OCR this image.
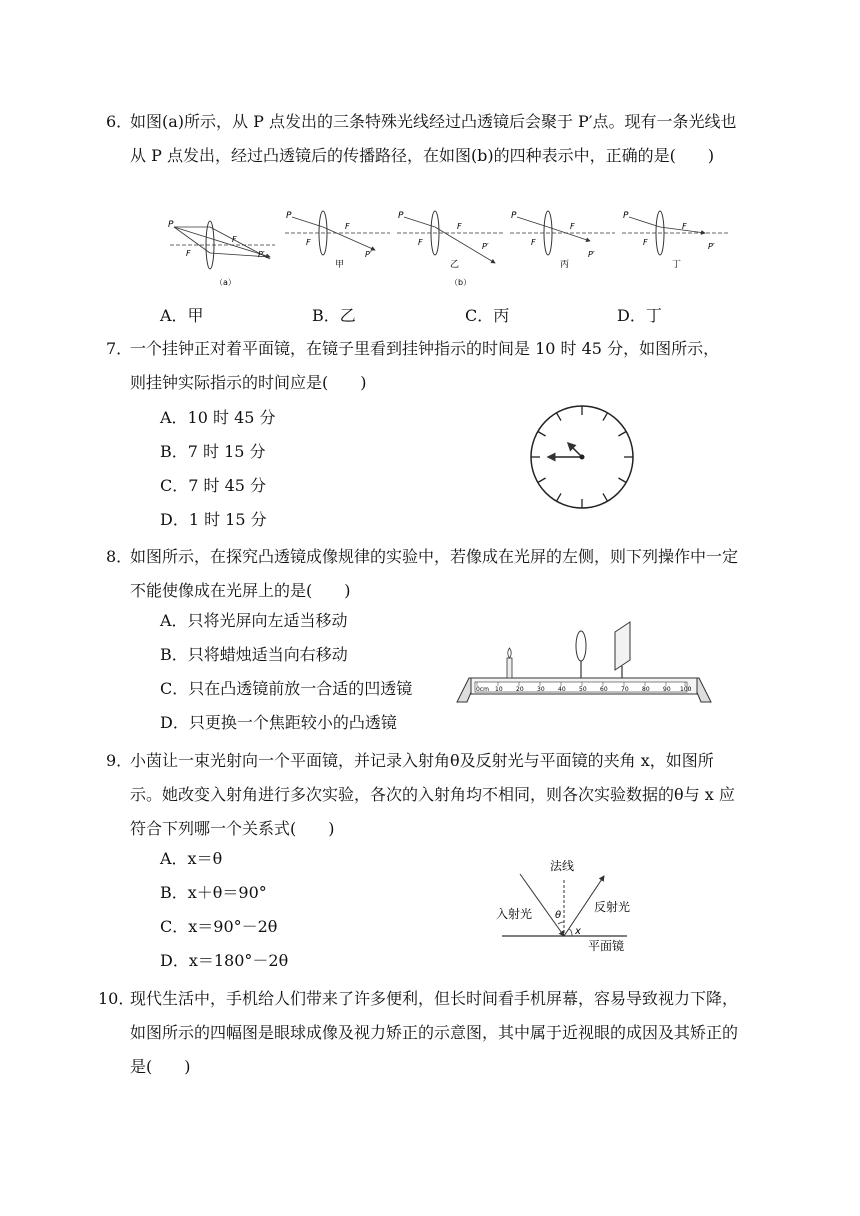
6．
如图(a)所示，从 P 点发出的三条特殊光线经过凸透镜后会聚于 P′点。现有一条光线也从 P 点发出，经过凸透镜后的传播路径，在如图(b)的四种表示中，正确的是(　　)
P
F
F
P′
（a）
P
F
F
P′
甲
P
F
F
P′
乙
（b）
P
F
F
P′
丙
P
F
F
P′
丁
A．甲	B．乙	C．丙	D．丁
7．
一个挂钟正对着平面镜，在镜子里看到挂钟指示的时间是 10 时 45 分，如图所示，则挂钟实际指示的时间应是(　　)
A．10 时 45 分
B．7 时 15 分
C．7 时 45 分
D．1 时 15 分
8．
如图所示，在探究凸透镜成像规律的实验中，若像成在光屏的左侧，则下列操作中一定不能使像成在光屏上的是(　　)
A．只将光屏向左适当移动
B．只将蜡烛适当向右移动
C．只在凸透镜前放一合适的凹透镜
D．只更换一个焦距较小的凸透镜
0cm 10 20 30 40 50 60 70 80 90 100
9．
小茵让一束光射向一个平面镜，并记录入射角θ及反射光与平面镜的夹角 x，如图所示。她改变入射角进行多次实验，各次的入射角均不相同，则各次实验数据的θ与 x 应符合下列哪一个关系式(　　)
A．x＝θ
B．x＋θ＝90°
C．x＝90°－2θ
D．x＝180°－2θ
法线
入射光	反射光
平面镜
θ
x
10．
现代生活中，手机给人们带来了许多便利，但长时间看手机屏幕，容易导致视力下降，如图所示的四幅图是眼球成像及视力矫正的示意图，其中属于近视眼的成因及其矫正的是(　　)
